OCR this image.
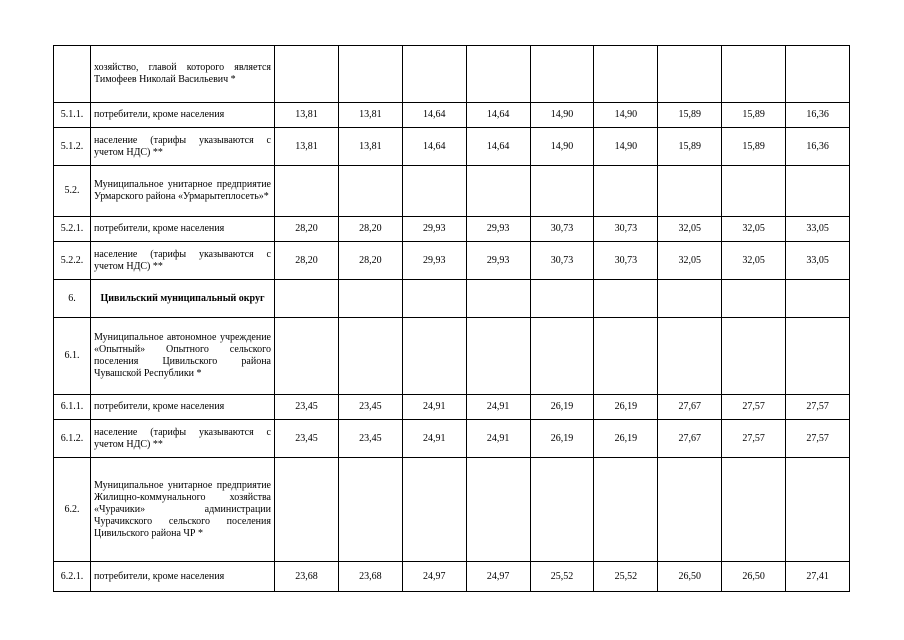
	хозяйство, главой которого является Тимофеев Николай Васильевич *									
5.1.1.	потребители, кроме населения	13,81	13,81	14,64	14,64	14,90	14,90	15,89	15,89	16,36
5.1.2.	население (тарифы указываются с учетом НДС) **	13,81	13,81	14,64	14,64	14,90	14,90	15,89	15,89	16,36
5.2.	Муниципальное унитарное предприятие Урмарского района «Урмарытеплосеть»*									
5.2.1.	потребители, кроме населения	28,20	28,20	29,93	29,93	30,73	30,73	32,05	32,05	33,05
5.2.2.	население (тарифы указываются с учетом НДС) **	28,20	28,20	29,93	29,93	30,73	30,73	32,05	32,05	33,05
6.	Цивильский муниципальный округ									
6.1.	Муниципальное автономное учреждение «Опытный» Опытного сельского поселения Цивильского района Чувашской Республики *									
6.1.1.	потребители, кроме населения	23,45	23,45	24,91	24,91	26,19	26,19	27,67	27,57	27,57
6.1.2.	население (тарифы указываются с учетом НДС) **	23,45	23,45	24,91	24,91	26,19	26,19	27,67	27,57	27,57
6.2.	Муниципальное унитарное предприятие Жилищно-коммунального хозяйства «Чурачики» администрации Чурачикского сельского поселения Цивильского района ЧР *									
6.2.1.	потребители, кроме населения	23,68	23,68	24,97	24,97	25,52	25,52	26,50	26,50	27,41
